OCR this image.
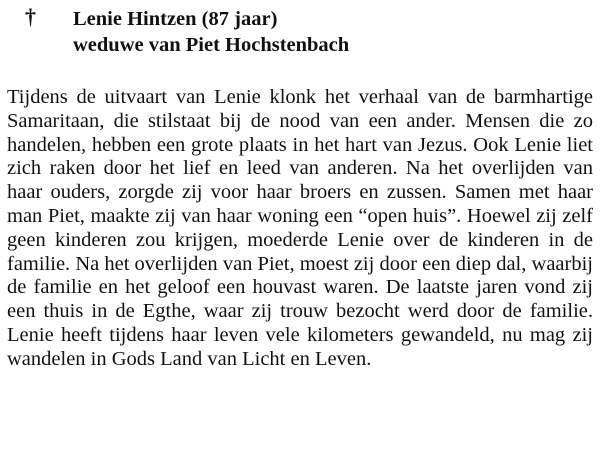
† Lenie Hintzen (87 jaar)
weduwe van Piet Hochstenbach

Tijdens de uitvaart van Lenie klonk het verhaal van de barmhartige Samaritaan, die stilstaat bij de nood van een ander. Mensen die zo handelen, hebben een grote plaats in het hart van Jezus. Ook Lenie liet zich raken door het lief en leed van anderen. Na het overlijden van haar ouders, zorgde zij voor haar broers en zussen. Samen met haar man Piet, maakte zij van haar woning een “open huis”. Hoewel zij zelf geen kinderen zou krijgen, moederde Lenie over de kinderen in de familie. Na het overlijden van Piet, moest zij door een diep dal, waarbij de familie en het geloof een houvast waren. De laatste jaren vond zij een thuis in de Egthe, waar zij trouw bezocht werd door de familie. Lenie heeft tijdens haar leven vele kilometers gewandeld, nu mag zij wandelen in Gods Land van Licht en Leven.
